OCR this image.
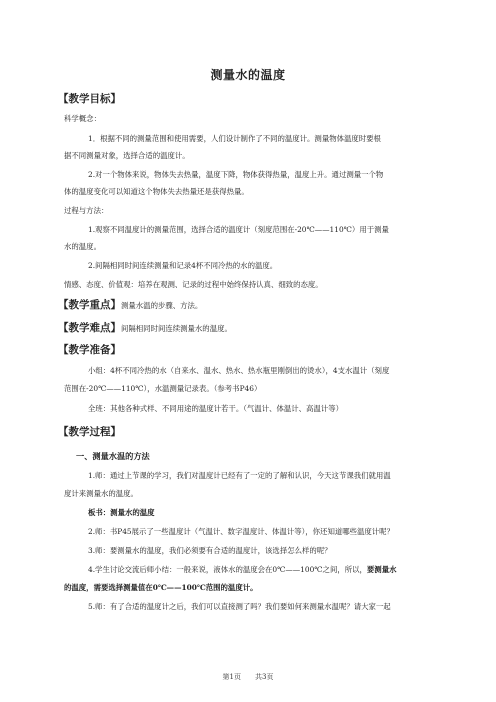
测量水的温度
【教学目标】
科学概念：
1．根据不同的测量范围和使用需要，人们设计制作了不同的温度计。测量物体温度时要根
据不同测量对象，选择合适的温度计。
2.对一个物体来说，物体失去热量，温度下降，物体获得热量，温度上升。通过测量一个物
体的温度变化可以知道这个物体失去热量还是获得热量。
过程与方法：
1.观察不同温度计的测量范围，选择合适的温度计（刻度范围在-20℃——110℃）用于测量
水的温度。
2.间隔相同时间连续测量和记录4杯不同冷热的水的温度。
情感、态度、价值观：培养在观测、记录的过程中始终保持认真、细致的态度。
【教学重点】测量水温的步骤、方法。
【教学难点】间隔相同时间连续测量水的温度。
【教学准备】
小组：4杯不同冷热的水（自来水、温水、热水、热水瓶里刚倒出的烫水），4支水温计（刻度
范围在-20℃——110℃），水温测量记录表。（参考书P46）
全班：其他各种式样、不同用途的温度计若干。（气温计、体温计、高温计等）
【教学过程】
一、测量水温的方法
1.师：通过上节课的学习，我们对温度计已经有了一定的了解和认识，今天这节课我们就用温
度计来测量水的温度。
板书：测量水的温度
2.师：书P45展示了一些温度计（气温计、数字温度计、体温计等），你还知道哪些温度计呢？
3.师：要测量水的温度，我们必须要有合适的温度计，该选择怎么样的呢？
4.学生讨论交流后师小结：一般来说，液体水的温度会在0℃——100℃之间，所以，要测量水
的温度，需要选择测量值在0℃——100℃范围的温度计。
5.师：有了合适的温度计之后，我们可以直接测了吗？我们要如何来测量水温呢？请大家一起
第1页　　共3页
